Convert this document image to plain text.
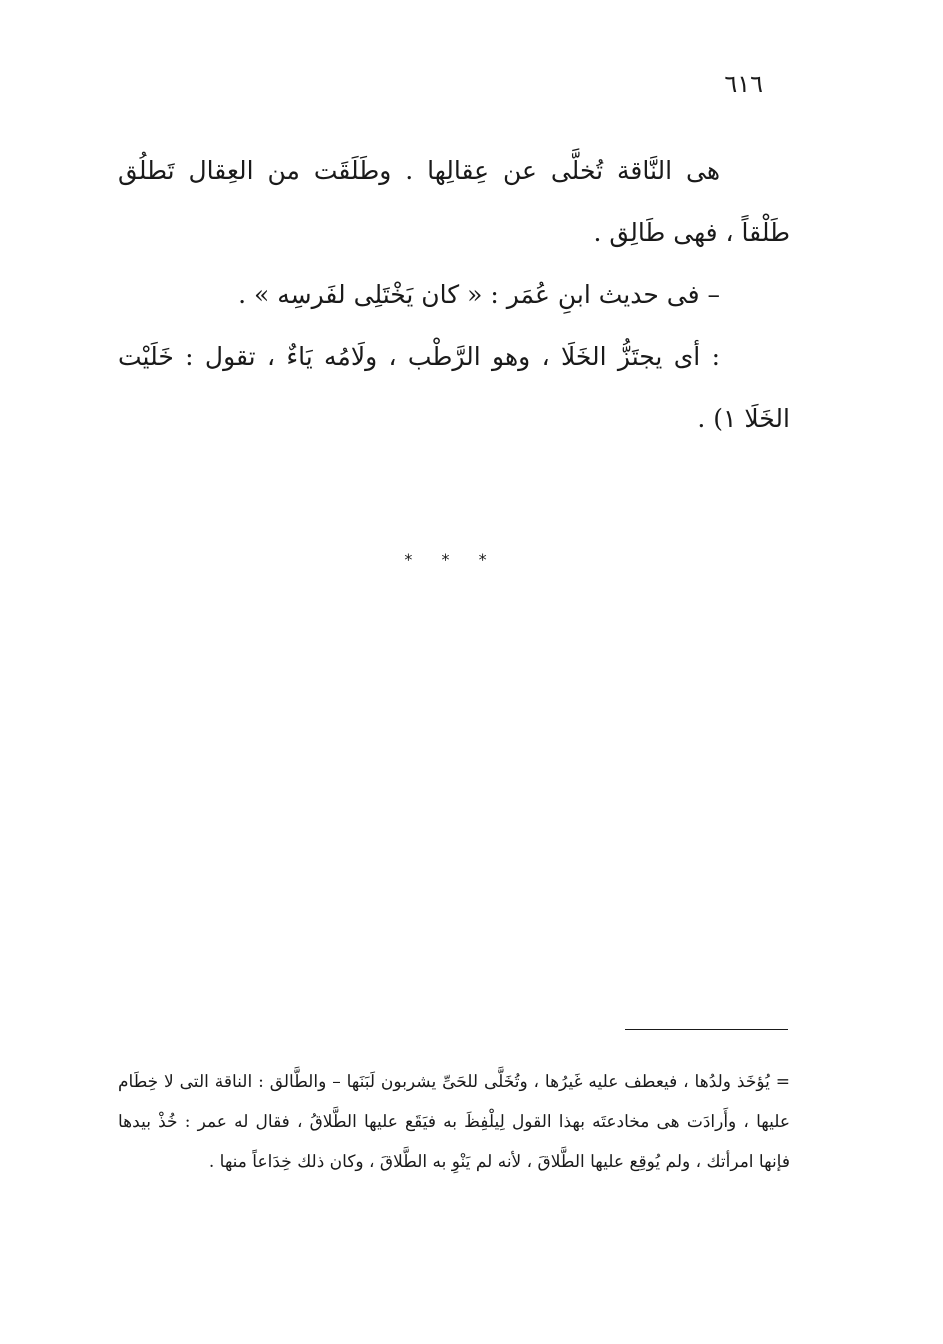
٦١٦

هى النَّاقة تُخلَّى عن عِقالِها . وطَلَقَت من العِقال تَطلُق طَلْقاً ، فهى طَالِق .

– فى حديث ابنِ عُمَر : « كان يَخْتَلِى لفَرسِه » .

: أى يجتَزُّ الخَلَا ، وهو الرَّطْب ، ولَامُه يَاءٌ ، تقول : خَلَيْت الخَلَا ١) .

* * *

= يُؤخَذ ولدُها ، فيعطف عليه غَيرُها ، وتُخَلَّى للحَىِّ يشربون لَبَنَها – والطَّالق : الناقة التى لا خِطَام عليها ، وأَرادَت هى مخادعتَه بهذا القول لِيلْفِظَ به فيَقَع عليها الطَّلاقُ ، فقال له عمر : خُذْ بيدها فإنها امرأتك ، ولم يُوقِع عليها الطَّلاقَ ، لأنه لم يَنْوِ به الطَّلاقَ ، وكان ذلك خِدَاعاً منها .
